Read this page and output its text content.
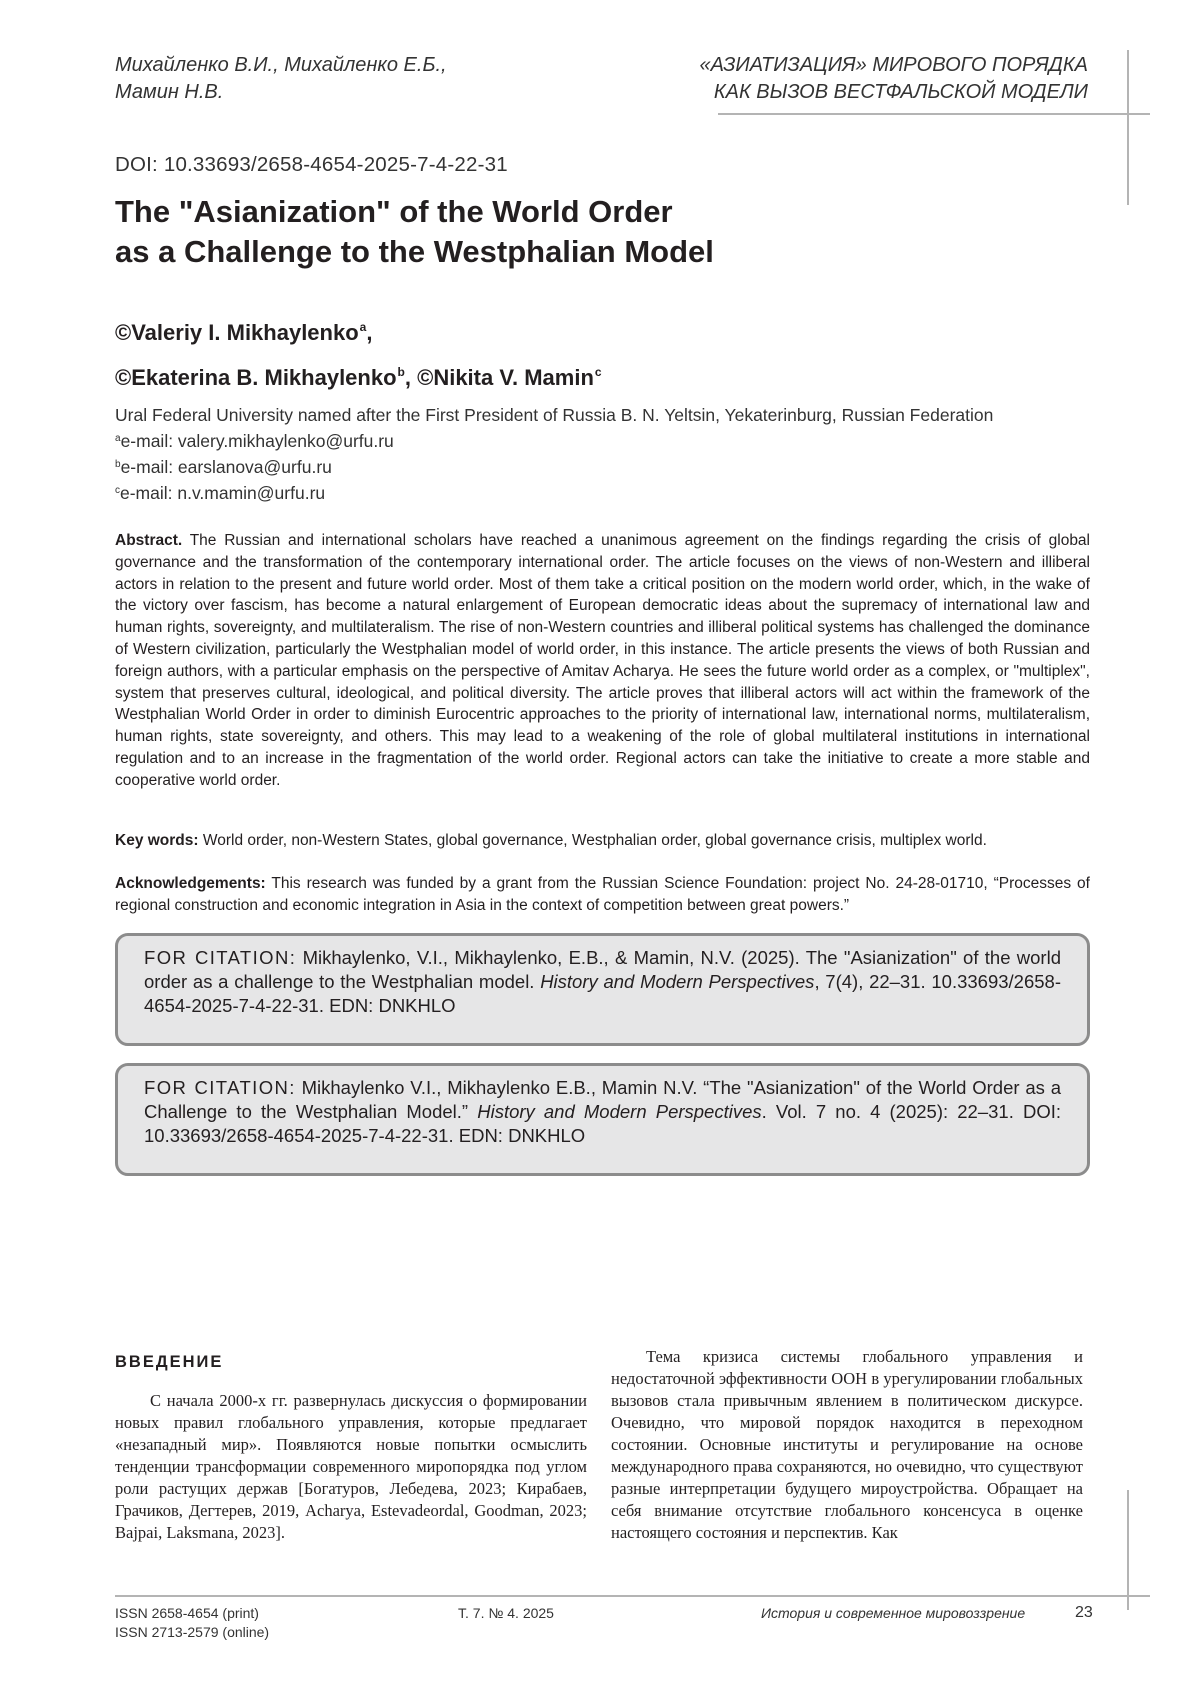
Михайленко В.И., Михайленко Е.Б.,
Мамин Н.В.
«АЗИАТИЗАЦИЯ» МИРОВОГО ПОРЯДКА
КАК ВЫЗОВ ВЕСТФАЛЬСКОЙ МОДЕЛИ
DOI: 10.33693/2658-4654-2025-7-4-22-31
The "Asianization" of the World Order
as a Challenge to the Westphalian Model
©Valeriy I. Mikhaylenko$^a$,
©Ekaterina B. Mikhaylenko$^b$, ©Nikita V. Mamin$^c$
Ural Federal University named after the First President of Russia B. N. Yeltsin, Yekaterinburg, Russian Federation
$^a$e-mail: valery.mikhaylenko@urfu.ru
$^b$e-mail: earslanova@urfu.ru
$^c$e-mail: n.v.mamin@urfu.ru
Abstract. The Russian and international scholars have reached a unanimous agreement on the findings regarding the crisis of global governance and the transformation of the contemporary international order. The article focuses on the views of non-Western and illiberal actors in relation to the present and future world order. Most of them take a critical position on the modern world order, which, in the wake of the victory over fascism, has become a natural enlargement of European democratic ideas about the supremacy of international law and human rights, sovereignty, and multilateralism. The rise of non-Western countries and illiberal political systems has challenged the dominance of Western civilization, particularly the Westphalian model of world order, in this instance. The article presents the views of both Russian and foreign authors, with a particular emphasis on the perspective of Amitav Acharya. He sees the future world order as a complex, or "multiplex", system that preserves cultural, ideological, and political diversity. The article proves that illiberal actors will act within the framework of the Westphalian World Order in order to diminish Eurocentric approaches to the priority of international law, international norms, multilateralism, human rights, state sovereignty, and others. This may lead to a weakening of the role of global multilateral institutions in international regulation and to an increase in the fragmentation of the world order. Regional actors can take the initiative to create a more stable and cooperative world order.
Key words: World order, non-Western States, global governance, Westphalian order, global governance crisis, multiplex world.
Acknowledgements: This research was funded by a grant from the Russian Science Foundation: project No. 24-28-01710, “Processes of regional construction and economic integration in Asia in the context of competition between great powers.”
FOR CITATION: Mikhaylenko, V.I., Mikhaylenko, E.B., & Mamin, N.V. (2025). The "Asianization" of the world order as a challenge to the Westphalian model. History and Modern Perspectives, 7(4), 22–31. 10.33693/2658-4654-2025-7-4-22-31. EDN: DNKHLO
FOR CITATION: Mikhaylenko V.I., Mikhaylenko E.B., Mamin N.V. “The "Asianization" of the World Order as a Challenge to the Westphalian Model.” History and Modern Perspectives. Vol. 7 no. 4 (2025): 22–31. DOI: 10.33693/2658-4654-2025-7-4-22-31. EDN: DNKHLO
ВВЕДЕНИЕ

С начала 2000-х гг. развернулась дискуссия о формировании новых правил глобального управления, которые предлагает «незападный мир». Появляются новые попытки осмыслить тенденции трансформации современного миропорядка под углом роли растущих держав [Богатуров, Лебедева, 2023; Кирабаев, Грачиков, Дегтерев, 2019, Acharya, Estevadeordal, Goodman, 2023; Bajpai, Laksmana, 2023].

Тема кризиса системы глобального управления и недостаточной эффективности ООН в урегулировании глобальных вызовов стала привычным явлением в политическом дискурсе. Очевидно, что мировой порядок находится в переходном состоянии. Основные институты и регулирование на основе международного права сохраняются, но очевидно, что существуют разные интерпретации будущего мироустройства. Обращает на себя внимание отсутствие глобального консенсуса в оценке настоящего состояния и перспектив. Как

ISSN 2658-4654 (print)
ISSN 2713-2579 (online)
Т. 7. № 4. 2025	История и современное мировоззрение	23
